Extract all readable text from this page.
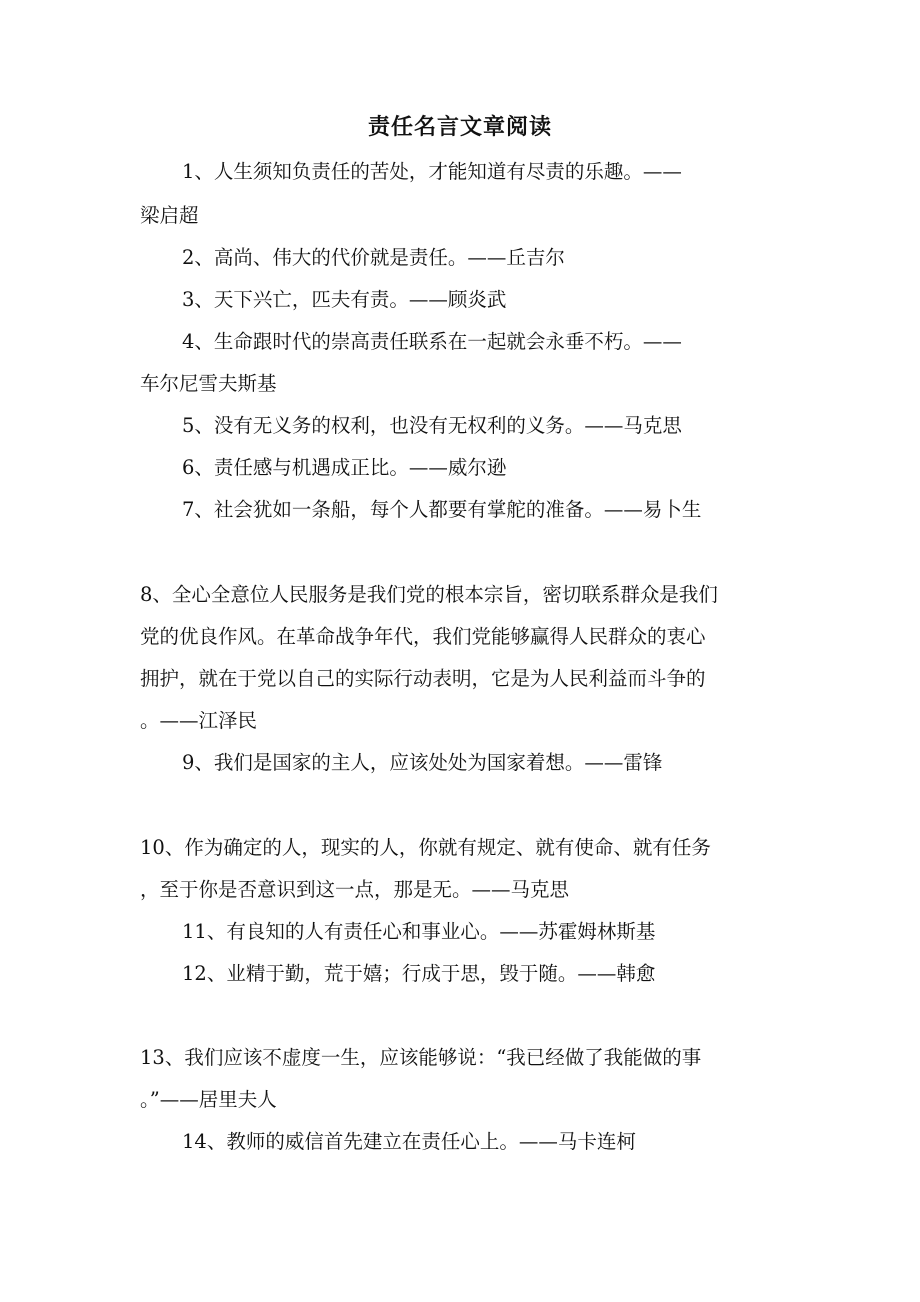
责任名言文章阅读
1、人生须知负责任的苦处，才能知道有尽责的乐趣。——
梁启超
2、高尚、伟大的代价就是责任。——丘吉尔
3、天下兴亡，匹夫有责。——顾炎武
4、生命跟时代的崇高责任联系在一起就会永垂不朽。——
车尔尼雪夫斯基
5、没有无义务的权利，也没有无权利的义务。——马克思
6、责任感与机遇成正比。——威尔逊
7、社会犹如一条船，每个人都要有掌舵的准备。——易卜生
8、全心全意位人民服务是我们党的根本宗旨，密切联系群众是我们
党的优良作风。在革命战争年代，我们党能够赢得人民群众的衷心
拥护，就在于党以自己的实际行动表明，它是为人民利益而斗争的
。——江泽民
9、我们是国家的主人，应该处处为国家着想。——雷锋
10、作为确定的人，现实的人，你就有规定、就有使命、就有任务
，至于你是否意识到这一点，那是无。——马克思
11、有良知的人有责任心和事业心。——苏霍姆林斯基
12、业精于勤，荒于嬉；行成于思，毁于随。——韩愈
13、我们应该不虚度一生，应该能够说：“我已经做了我能做的事
。”——居里夫人
14、教师的威信首先建立在责任心上。——马卡连柯
